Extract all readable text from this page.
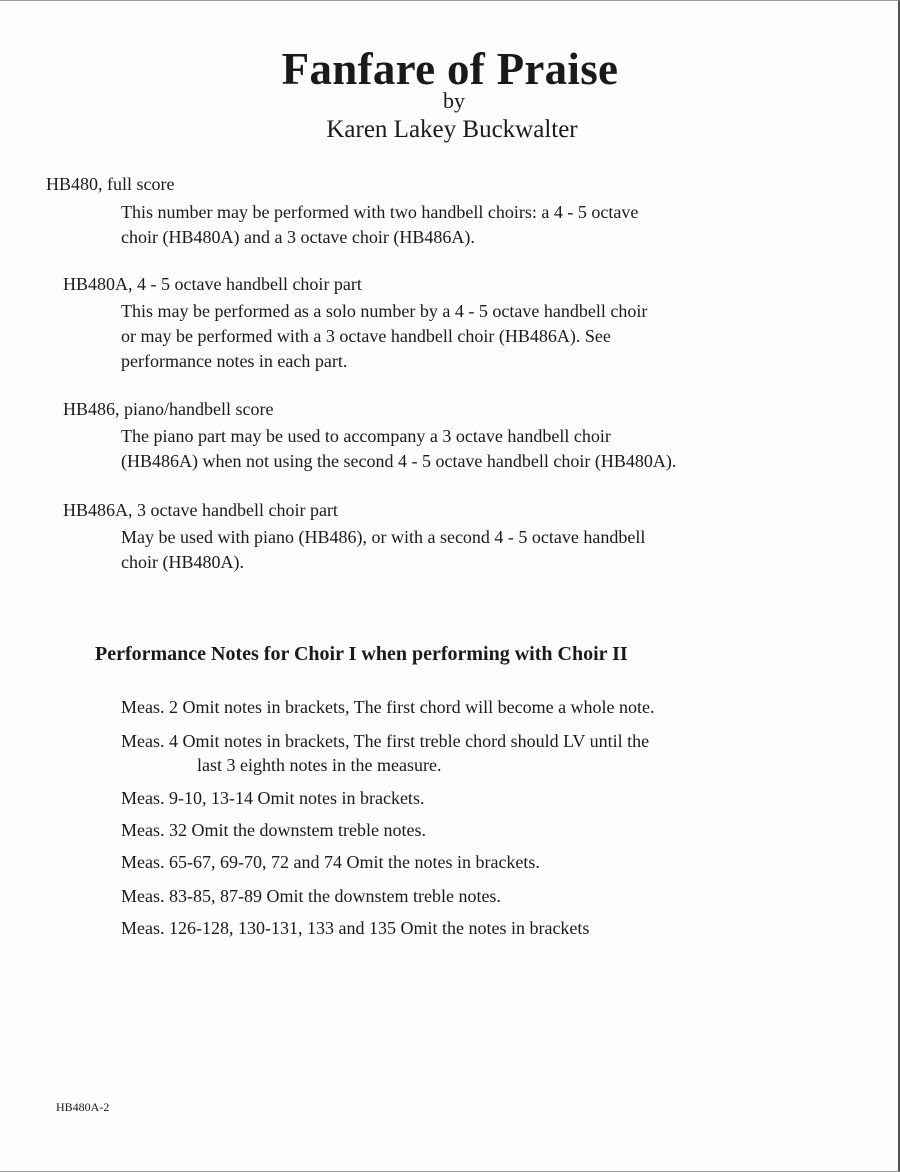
Fanfare of Praise
by
Karen Lakey Buckwalter
HB480, full score
This number may be performed with two handbell choirs: a 4 - 5 octave
choir (HB480A) and a 3 octave choir (HB486A).
HB480A, 4 - 5 octave handbell choir part
This may be performed as a solo number by a 4 - 5 octave handbell choir
or may be performed with a 3 octave handbell choir (HB486A). See
performance notes in each part.
HB486, piano/handbell score
The piano part may be used to accompany a 3 octave handbell choir
(HB486A) when not using the second 4 - 5 octave handbell choir (HB480A).
HB486A, 3 octave handbell choir part
May be used with piano (HB486), or with a second 4 - 5 octave handbell
choir (HB480A).
Performance Notes for Choir I when performing with Choir II
Meas. 2 Omit notes in brackets, The first chord will become a whole note.
Meas. 4 Omit notes in brackets, The first treble chord should LV until the
last 3 eighth notes in the measure.
Meas. 9-10, 13-14 Omit notes in brackets.
Meas. 32 Omit the downstem treble notes.
Meas. 65-67, 69-70, 72 and 74 Omit the notes in brackets.
Meas. 83-85, 87-89 Omit the downstem treble notes.
Meas. 126-128, 130-131, 133 and 135 Omit the notes in brackets
HB480A-2
